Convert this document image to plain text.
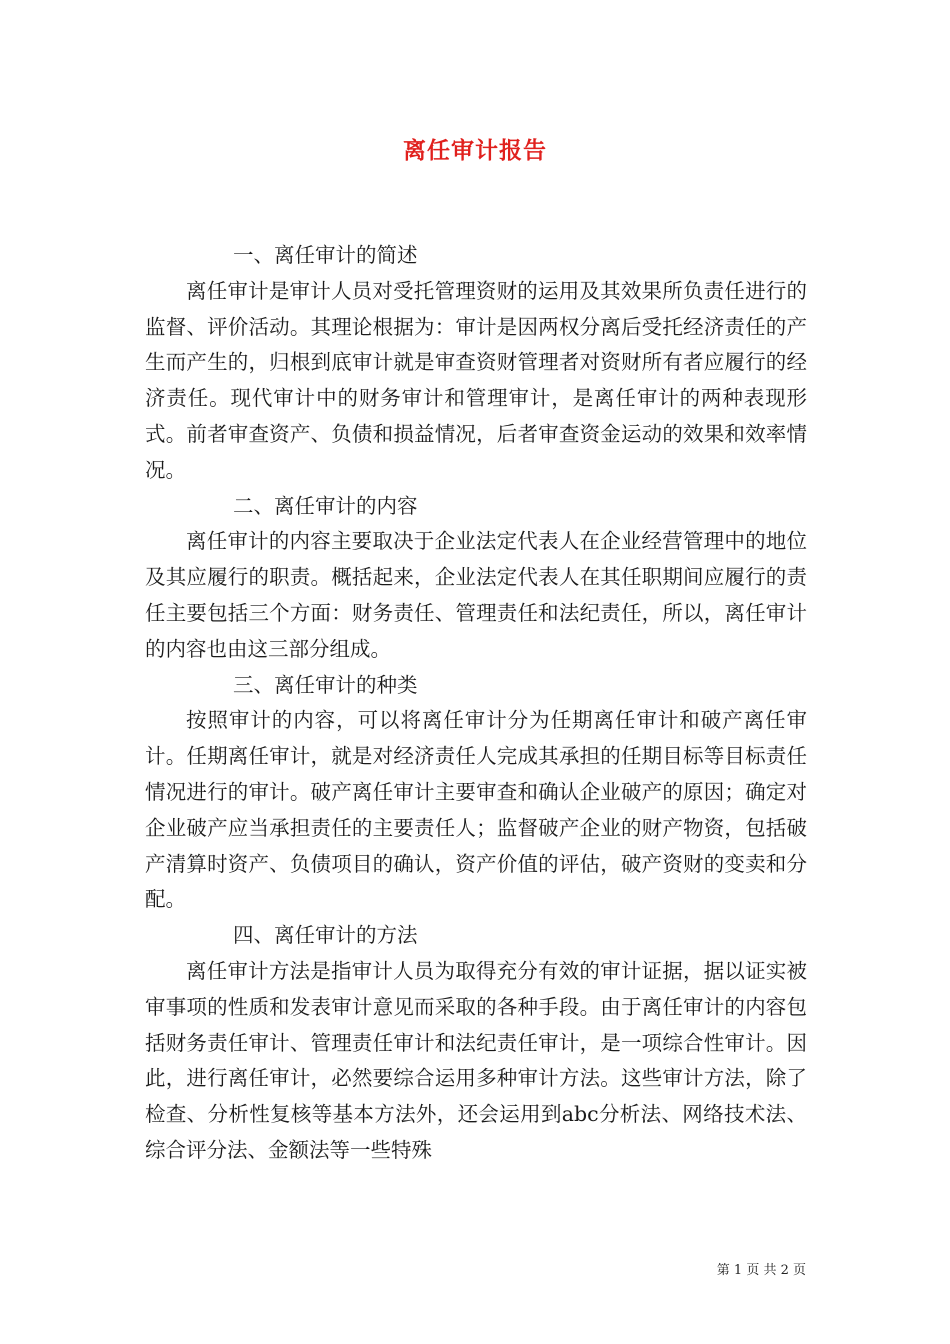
离任审计报告

一、离任审计的简述

离任审计是审计人员对受托管理资财的运用及其效果所负责任进行的监督、评价活动。其理论根据为：审计是因两权分离后受托经济责任的产生而产生的，归根到底审计就是审查资财管理者对资财所有者应履行的经济责任。现代审计中的财务审计和管理审计，是离任审计的两种表现形式。前者审查资产、负债和损益情况，后者审查资金运动的效果和效率情况。

二、离任审计的内容

离任审计的内容主要取决于企业法定代表人在企业经营管理中的地位及其应履行的职责。概括起来，企业法定代表人在其任职期间应履行的责任主要包括三个方面：财务责任、管理责任和法纪责任，所以，离任审计的内容也由这三部分组成。

三、离任审计的种类

按照审计的内容，可以将离任审计分为任期离任审计和破产离任审计。任期离任审计，就是对经济责任人完成其承担的任期目标等目标责任情况进行的审计。破产离任审计主要审查和确认企业破产的原因；确定对企业破产应当承担责任的主要责任人；监督破产企业的财产物资，包括破产清算时资产、负债项目的确认，资产价值的评估，破产资财的变卖和分配。

四、离任审计的方法

离任审计方法是指审计人员为取得充分有效的审计证据，据以证实被审事项的性质和发表审计意见而采取的各种手段。由于离任审计的内容包括财务责任审计、管理责任审计和法纪责任审计，是一项综合性审计。因此，进行离任审计，必然要综合运用多种审计方法。这些审计方法，除了检查、分析性复核等基本方法外，还会运用到abc分析法、网络技术法、综合评分法、金额法等一些特殊

第 1 页 共 2 页
